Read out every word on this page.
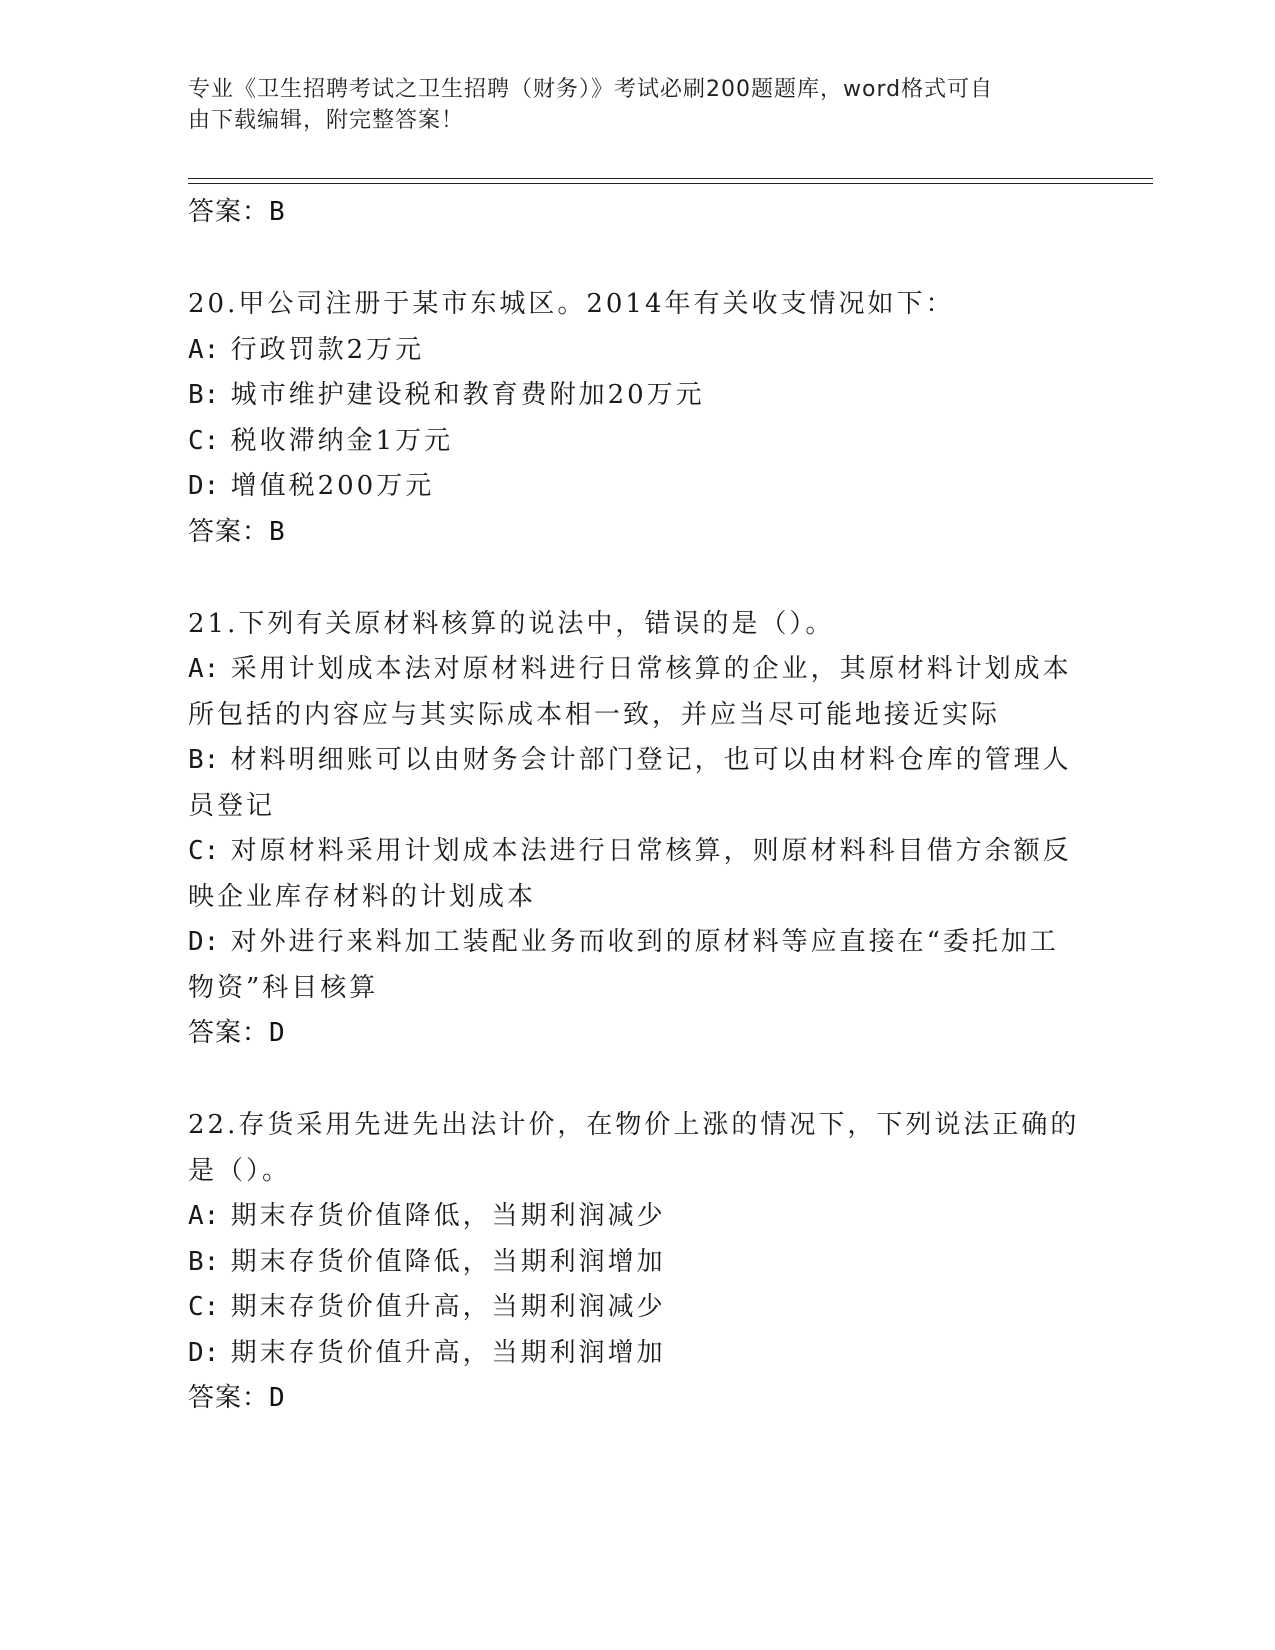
专业《卫生招聘考试之卫生招聘（财务）》考试必刷200题题库，word格式可自
由下载编辑，附完整答案！
答案：B
20.甲公司注册于某市东城区。2014年有关收支情况如下：
A: 行政罚款2万元
B: 城市维护建设税和教育费附加20万元
C: 税收滞纳金1万元
D: 增值税200万元
答案：B
21.下列有关原材料核算的说法中，错误的是（）。
A: 采用计划成本法对原材料进行日常核算的企业，其原材料计划成本
所包括的内容应与其实际成本相一致，并应当尽可能地接近实际
B: 材料明细账可以由财务会计部门登记，也可以由材料仓库的管理人
员登记
C: 对原材料采用计划成本法进行日常核算，则原材料科目借方余额反
映企业库存材料的计划成本
D: 对外进行来料加工装配业务而收到的原材料等应直接在“委托加工
物资”科目核算
答案：D
22.存货采用先进先出法计价，在物价上涨的情况下，下列说法正确的
是（）。
A: 期末存货价值降低，当期利润减少
B: 期末存货价值降低，当期利润增加
C: 期末存货价值升高，当期利润减少
D: 期末存货价值升高，当期利润增加
答案：D
